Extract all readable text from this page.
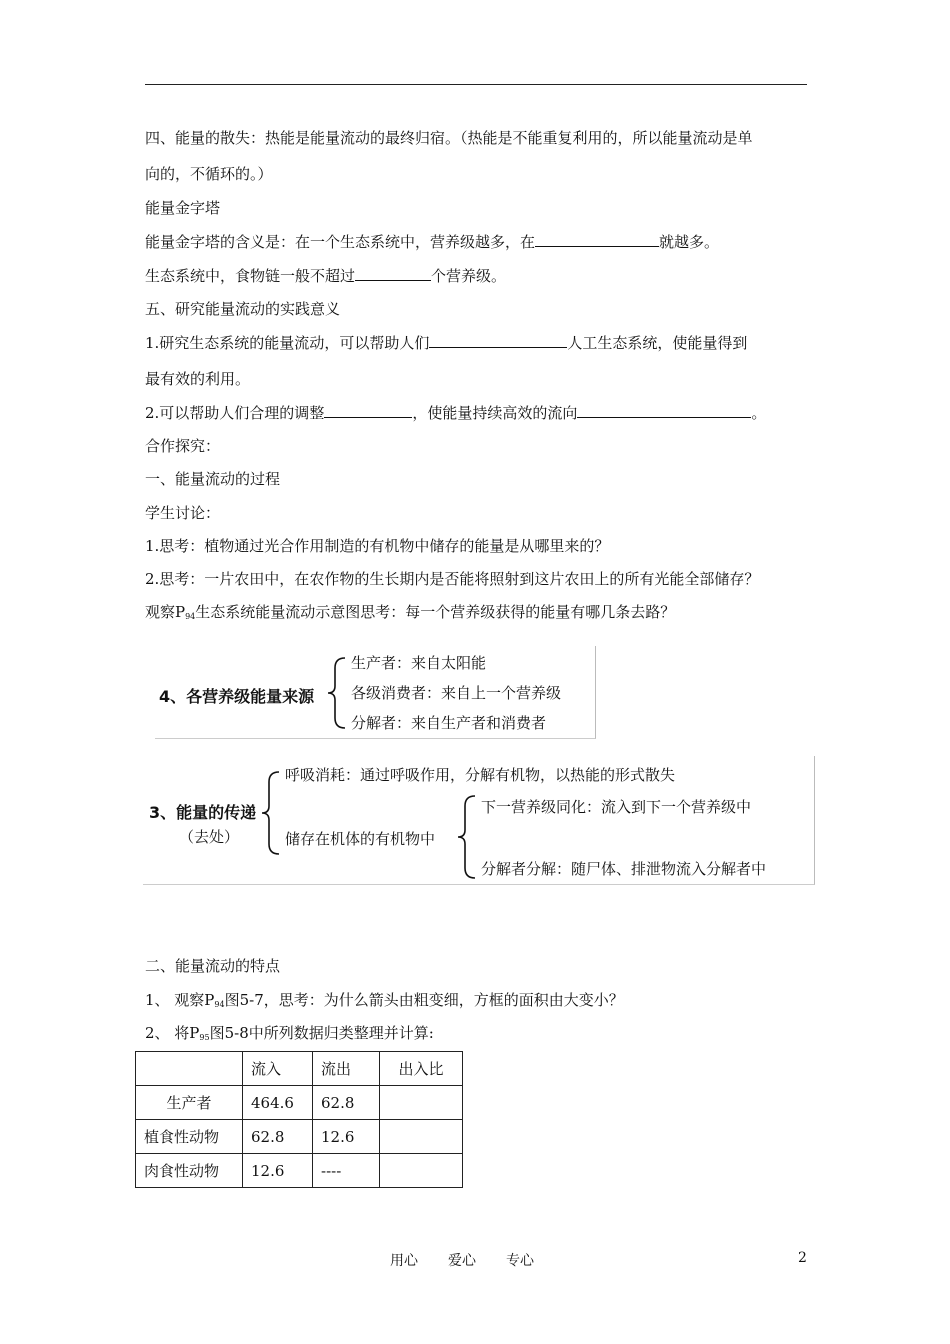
四、能量的散失：热能是能量流动的最终归宿。（热能是不能重复利用的，所以能量流动是单
向的，不循环的。）
能量金字塔
能量金字塔的含义是：在一个生态系统中，营养级越多，在	就越多。
生态系统中，食物链一般不超过	个营养级。
五、研究能量流动的实践意义
1.研究生态系统的能量流动，可以帮助人们	人工生态系统，使能量得到
最有效的利用。
2.可以帮助人们合理的调整	，使能量持续高效的流向	。
合作探究：
一、能量流动的过程
学生讨论：
1.思考：植物通过光合作用制造的有机物中储存的能量是从哪里来的？
2.思考：一片农田中，在农作物的生长期内是否能将照射到这片农田上的所有光能全部储存？
观察$P_{94}$生态系统能量流动示意图思考：每一个营养级获得的能量有哪几条去路？
4、各营养级能量来源
生产者：来自太阳能
各级消费者：来自上一个营养级
分解者：来自生产者和消费者
3、能量的传递
（去处）
呼吸消耗：通过呼吸作用，分解有机物，以热能的形式散失
储存在机体的有机物中
下一营养级同化：流入到下一个营养级中
分解者分解：随尸体、排泄物流入分解者中
二、能量流动的特点
1、 观察$P_{94}$图5-7，思考：为什么箭头由粗变细，方框的面积由大变小？
2、 将$P_{95}$图5-8中所列数据归类整理并计算:
	流入	流出	出入比
生产者	464.6	62.8	
植食性动物	62.8	12.6	
肉食性动物	12.6	----	
用心 爱心 专心	2
